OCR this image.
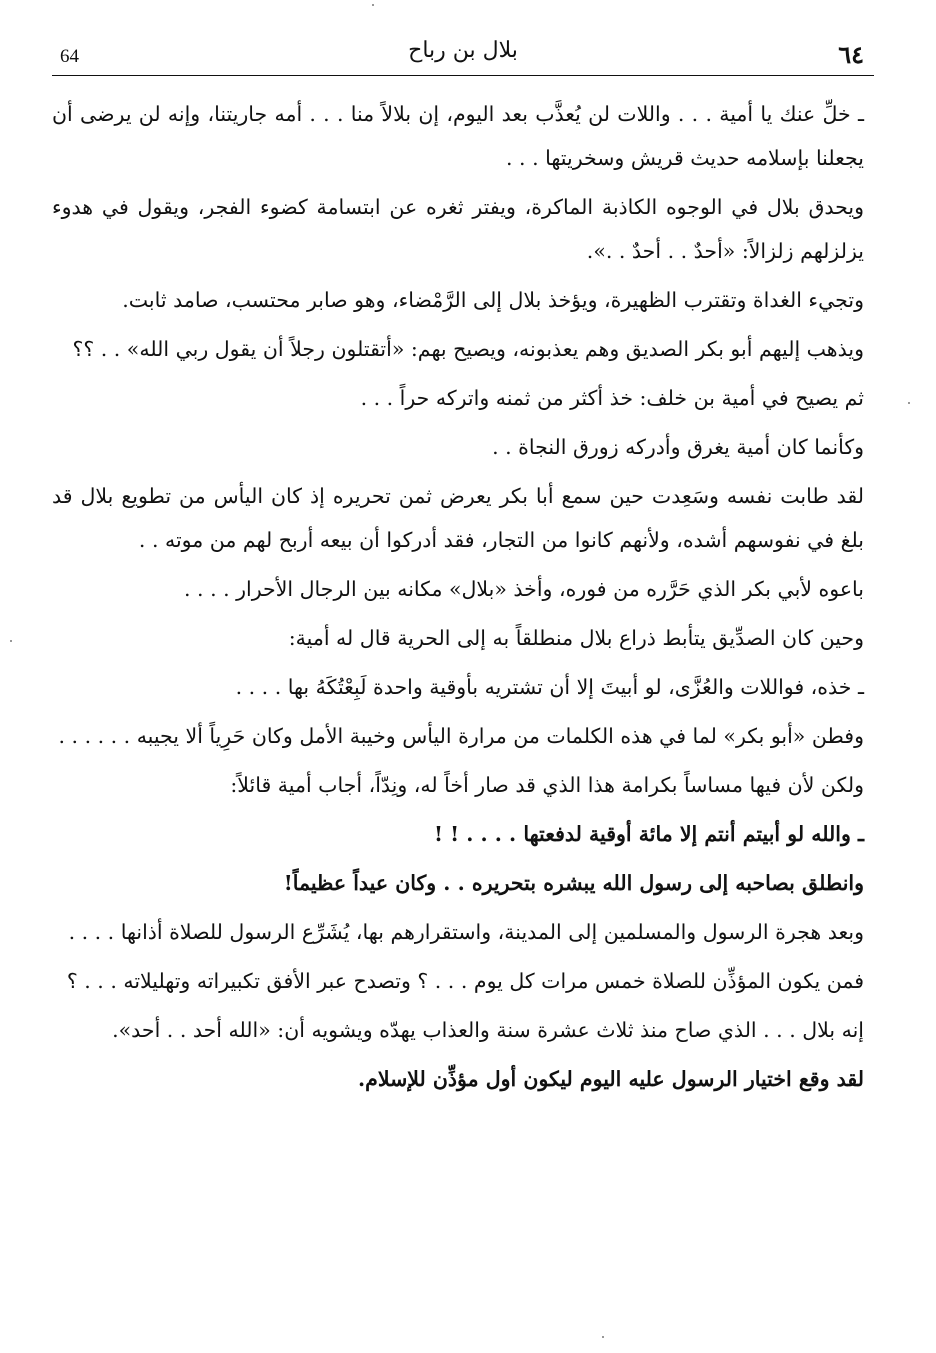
64	بلال بن رباح	٦٤

ـ خلِّ عنك يا أمية . . . واللات لن يُعذَّب بعد اليوم، إن بلالاً منا . . . أمه جاريتنا، وإنه لن يرضى أن يجعلنا بإسلامه حديث قريش وسخريتها . . .

ويحدق بلال في الوجوه الكاذبة الماكرة، ويفتر ثغره عن ابتسامة كضوء الفجر، ويقول في هدوء يزلزلهم زلزالاً: «أحدٌ . . أحدٌ . .».

وتجيء الغداة وتقترب الظهيرة، ويؤخذ بلال إلى الرَّمْضاء، وهو صابر محتسب، صامد ثابت.

ويذهب إليهم أبو بكر الصديق وهم يعذبونه، ويصيح بهم: «أتقتلون رجلاً أن يقول ربي الله» . . ؟؟

ثم يصيح في أمية بن خلف: خذ أكثر من ثمنه واتركه حراً . . .

وكأنما كان أمية يغرق وأدركه زورق النجاة . .

لقد طابت نفسه وسَعِدت حين سمع أبا بكر يعرض ثمن تحريره إذ كان اليأس من تطويع بلال قد بلغ في نفوسهم أشده، ولأنهم كانوا من التجار، فقد أدركوا أن بيعه أربح لهم من موته . .

باعوه لأبي بكر الذي حَرَّره من فوره، وأخذ «بلال» مكانه بين الرجال الأحرار . . . .

وحين كان الصدِّيق يتأبط ذراع بلال منطلقاً به إلى الحرية قال له أمية:

ـ خذه، فواللات والعُزَّى، لو أبيتَ إلا أن تشتريه بأوقية واحدة لَبِعْتُكَهُ بها . . . .

وفطن «أبو بكر» لما في هذه الكلمات من مرارة اليأس وخيبة الأمل وكان حَرِياً ألا يجيبه . . . . . .

ولكن لأن فيها مساساً بكرامة هذا الذي قد صار أخاً له، ونِدّاً، أجاب أمية قائلاً:

ـ والله لو أبيتم أنتم إلا مائة أوقية لدفعتها . . . . ! !

وانطلق بصاحبه إلى رسول الله يبشره بتحريره . . وكان عيداً عظيماً!

وبعد هجرة الرسول والمسلمين إلى المدينة، واستقرارهم بها، يُشَرِّع الرسول للصلاة أذانها . . . .

فمن يكون المؤذِّن للصلاة خمس مرات كل يوم . . . ؟ وتصدح عبر الأفق تكبيراته وتهليلاته . . . ؟

إنه بلال . . . الذي صاح منذ ثلاث عشرة سنة والعذاب يهدّه ويشويه أن: «الله أحد . . أحد».

لقد وقع اختيار الرسول عليه اليوم ليكون أول مؤذِّن للإسلام.
